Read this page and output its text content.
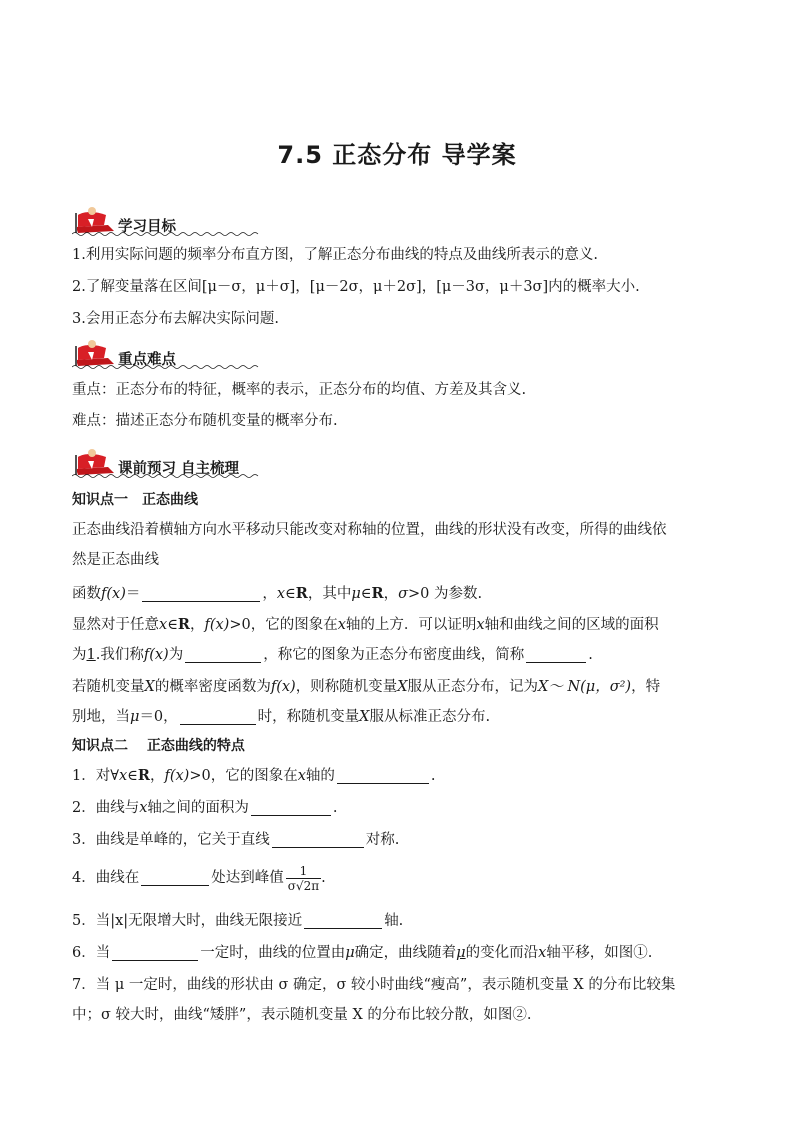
7.5 正态分布 导学案
学习目标
1.利用实际问题的频率分布直方图，了解正态分布曲线的特点及曲线所表示的意义.
2.了解变量落在区间[μ－σ，μ＋σ]，[μ－2σ，μ＋2σ]，[μ－3σ，μ＋3σ]内的概率大小.
3.会用正态分布去解决实际问题.
重点难点
重点：正态分布的特征，概率的表示，正态分布的均值、方差及其含义.
难点：描述正态分布随机变量的概率分布.
课前预习 自主梳理
知识点一　正态曲线
正态曲线沿着横轴方向水平移动只能改变对称轴的位置，曲线的形状没有改变，所得的曲线依
然是正态曲线
函数f(x)＝	，x∈R，其中μ∈R，σ>0 为参数.
显然对于任意x∈R，f(x)>0，它的图象在x轴的上方．可以证明x轴和曲线之间的区域的面积
为1.我们称f(x)为	，称它的图象为正态分布密度曲线，简称	.
若随机变量X的概率密度函数为f(x)，则称随机变量X服从正态分布，记为X～ N(μ，σ²)，特
别地，当μ＝0，	时，称随机变量X服从标准正态分布.
知识点二　 正态曲线的特点
1．对∀x∈R，f(x)>0，它的图象在x轴的	.
2．曲线与x轴之间的面积为	.
3．曲线是单峰的，它关于直线	对称.
4．曲线在	处达到峰值 $\frac{1}{\sigma√2\pi}$ .
5．当|x|无限增大时，曲线无限接近	轴.
6．当	一定时，曲线的位置由μ确定，曲线随着μ的变化而沿x轴平移，如图①.
7．当 μ 一定时，曲线的形状由 σ 确定，σ 较小时曲线“瘦高”，表示随机变量 X 的分布比较集
中；σ 较大时，曲线“矮胖”，表示随机变量 X 的分布比较分散，如图②.
